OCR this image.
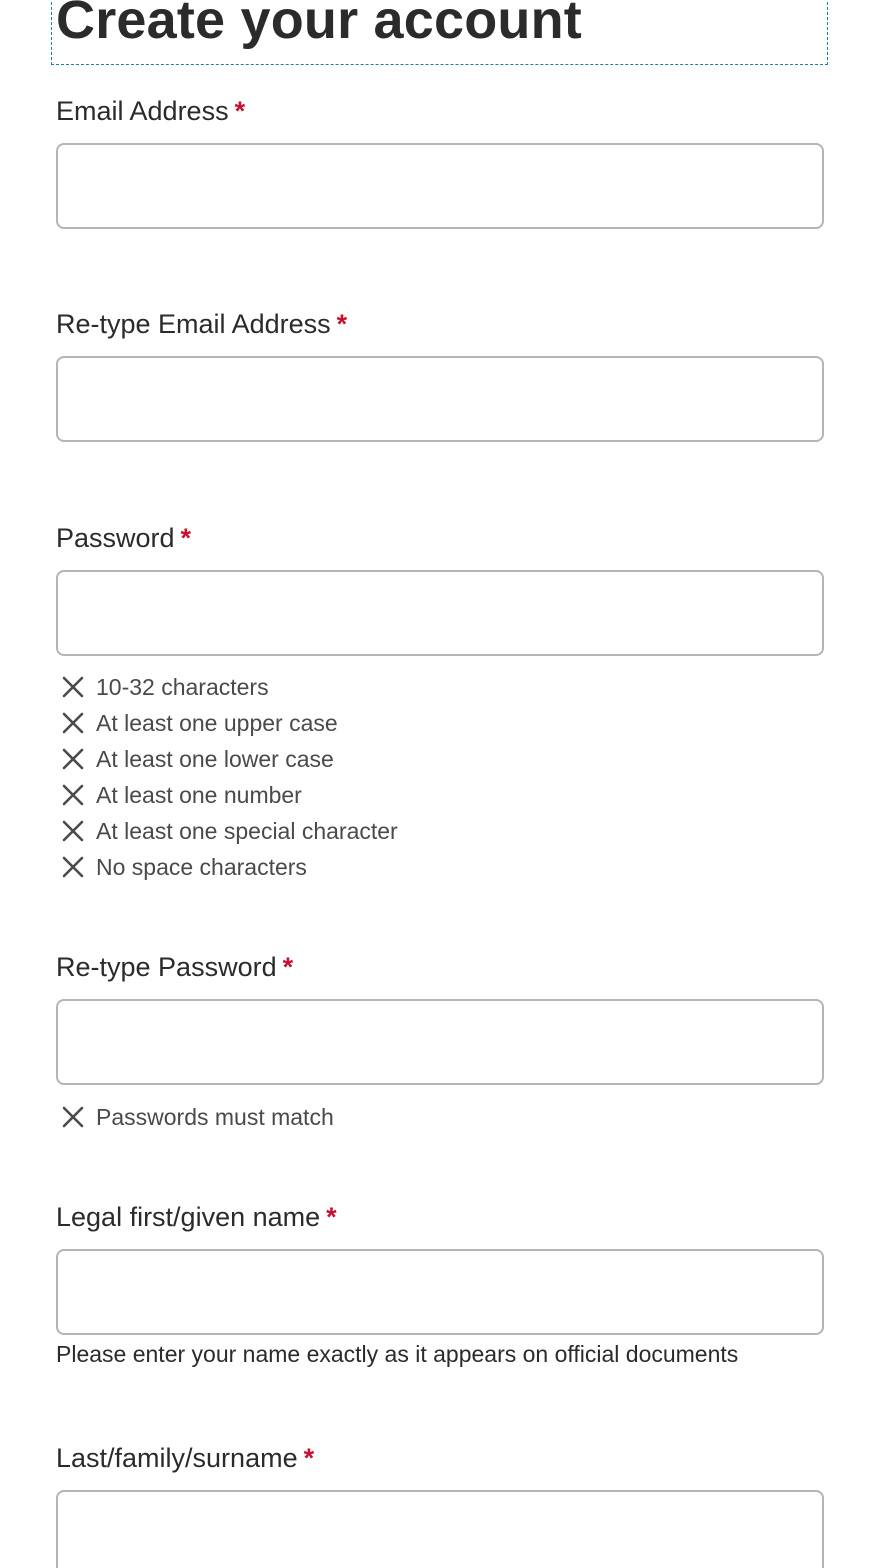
Create your account
Email Address *
Re-type Email Address *
Password *
10-32 characters
At least one upper case
At least one lower case
At least one number
At least one special character
No space characters
Re-type Password *
Passwords must match
Legal first/given name *
Please enter your name exactly as it appears on official documents
Last/family/surname *
